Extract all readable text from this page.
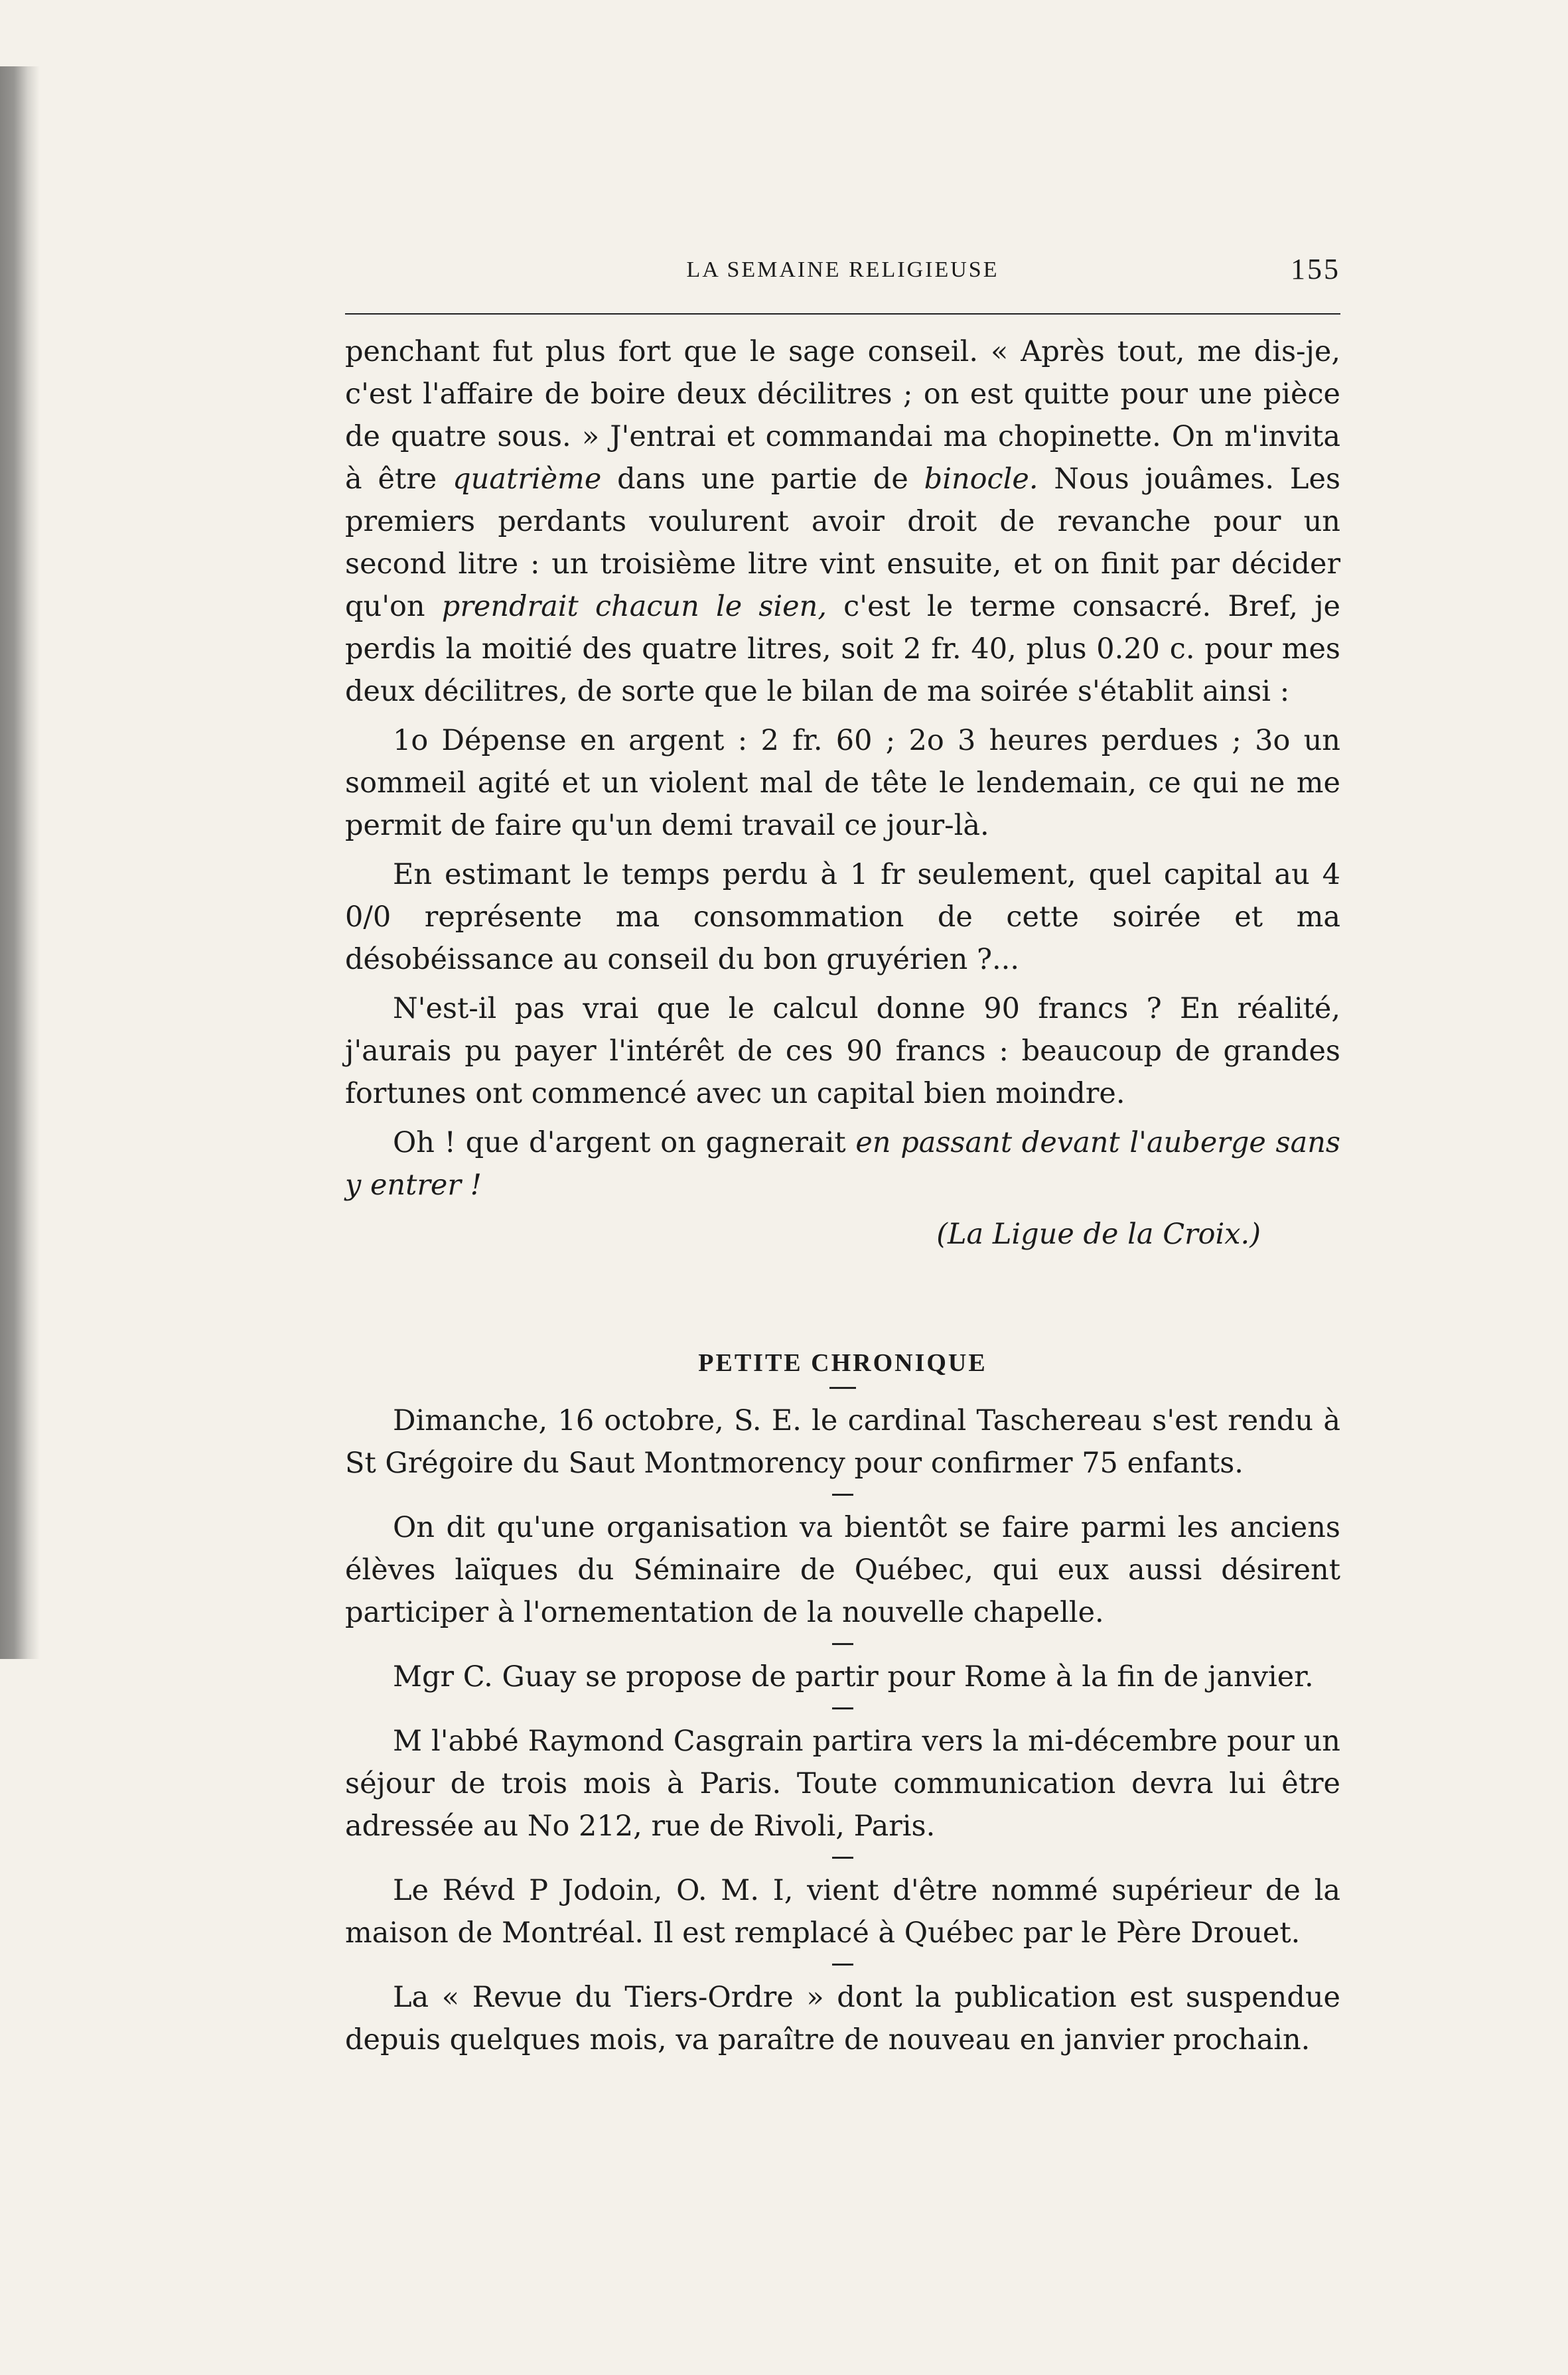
LA SEMAINE RELIGIEUSE	155

penchant fut plus fort que le sage conseil. « Après tout, me dis-je, c'est l'affaire de boire deux décilitres ; on est quitte pour une pièce de quatre sous. » J'entrai et commandai ma chopinette. On m'invita à être quatrième dans une partie de binocle. Nous jouâmes. Les premiers perdants voulurent avoir droit de revanche pour un second litre : un troisième litre vint ensuite, et on finit par décider qu'on prendrait chacun le sien, c'est le terme consacré. Bref, je perdis la moitié des quatre litres, soit 2 fr. 40, plus 0.20 c. pour mes deux décilitres, de sorte que le bilan de ma soirée s'établit ainsi :

1o Dépense en argent : 2 fr. 60 ; 2o 3 heures perdues ; 3o un sommeil agité et un violent mal de tête le lendemain, ce qui ne me permit de faire qu'un demi travail ce jour-là.

En estimant le temps perdu à 1 fr seulement, quel capital au 4 0/0 représente ma consommation de cette soirée et ma désobéissance au conseil du bon gruyérien ?...

N'est-il pas vrai que le calcul donne 90 francs ? En réalité, j'aurais pu payer l'intérêt de ces 90 francs : beaucoup de grandes fortunes ont commencé avec un capital bien moindre.

Oh ! que d'argent on gagnerait en passant devant l'auberge sans y entrer !

(La Ligue de la Croix.)

PETITE CHRONIQUE

Dimanche, 16 octobre, S. E. le cardinal Taschereau s'est rendu à St Grégoire du Saut Montmorency pour confirmer 75 enfants.

On dit qu'une organisation va bientôt se faire parmi les anciens élèves laïques du Séminaire de Québec, qui eux aussi désirent participer à l'ornementation de la nouvelle chapelle.

Mgr C. Guay se propose de partir pour Rome à la fin de janvier.

M l'abbé Raymond Casgrain partira vers la mi-décembre pour un séjour de trois mois à Paris. Toute communication devra lui être adressée au No 212, rue de Rivoli, Paris.

Le Révd P Jodoin, O. M. I, vient d'être nommé supérieur de la maison de Montréal. Il est remplacé à Québec par le Père Drouet.

La « Revue du Tiers-Ordre » dont la publication est suspendue depuis quelques mois, va paraître de nouveau en janvier prochain.
